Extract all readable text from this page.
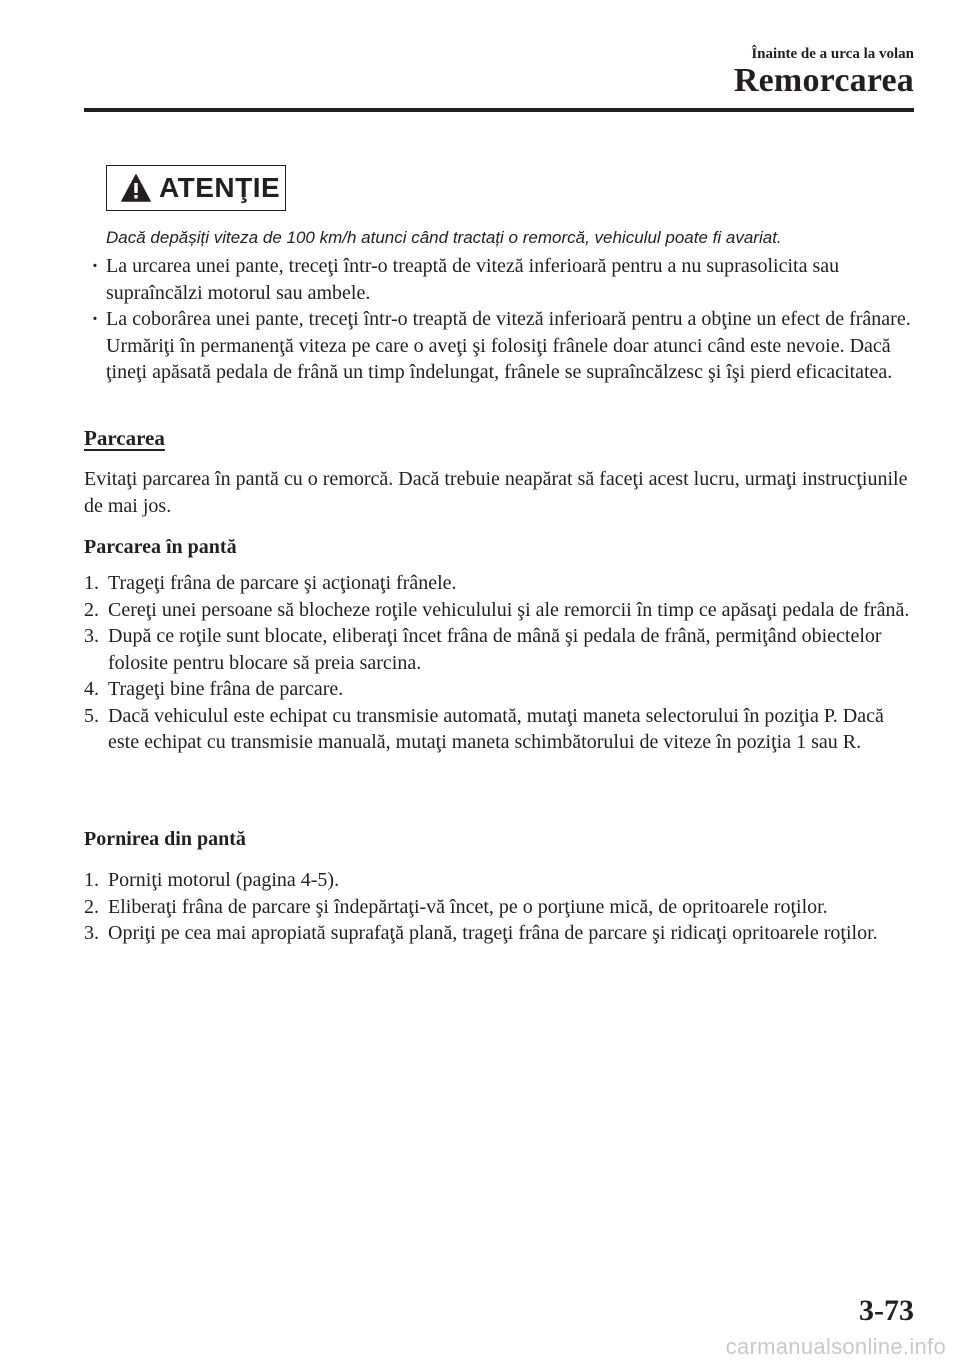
Înainte de a urca la volan
Remorcarea
ATENŢIE
Dacă depășiți viteza de 100 km/h atunci când tractați o remorcă, vehiculul poate fi avariat.
· La urcarea unei pante, treceţi într-o treaptă de viteză inferioară pentru a nu suprasolicita sau supraîncălzi motorul sau ambele.
· La coborârea unei pante, treceţi într-o treaptă de viteză inferioară pentru a obţine un efect de frânare. Urmăriţi în permanenţă viteza pe care o aveţi şi folosiţi frânele doar atunci când este nevoie. Dacă ţineţi apăsată pedala de frână un timp îndelungat, frânele se supraîncălzesc şi îşi pierd eficacitatea.
Parcarea
Evitaţi parcarea în pantă cu o remorcă. Dacă trebuie neapărat să faceţi acest lucru, urmaţi instrucţiunile de mai jos.
Parcarea în pantă
1. Trageţi frâna de parcare şi acţionaţi frânele.
2. Cereţi unei persoane să blocheze roţile vehiculului şi ale remorcii în timp ce apăsaţi pedala de frână.
3. După ce roţile sunt blocate, eliberaţi încet frâna de mână şi pedala de frână, permiţând obiectelor folosite pentru blocare să preia sarcina.
4. Trageţi bine frâna de parcare.
5. Dacă vehiculul este echipat cu transmisie automată, mutaţi maneta selectorului în poziţia P. Dacă este echipat cu transmisie manuală, mutaţi maneta schimbătorului de viteze în poziţia 1 sau R.
Pornirea din pantă
1. Porniţi motorul (pagina 4-5).
2. Eliberaţi frâna de parcare şi îndepărtaţi-vă încet, pe o porţiune mică, de opritoarele roţilor.
3. Opriţi pe cea mai apropiată suprafaţă plană, trageţi frâna de parcare şi ridicaţi opritoarele roţilor.
3-73
carmanualsonline.info
